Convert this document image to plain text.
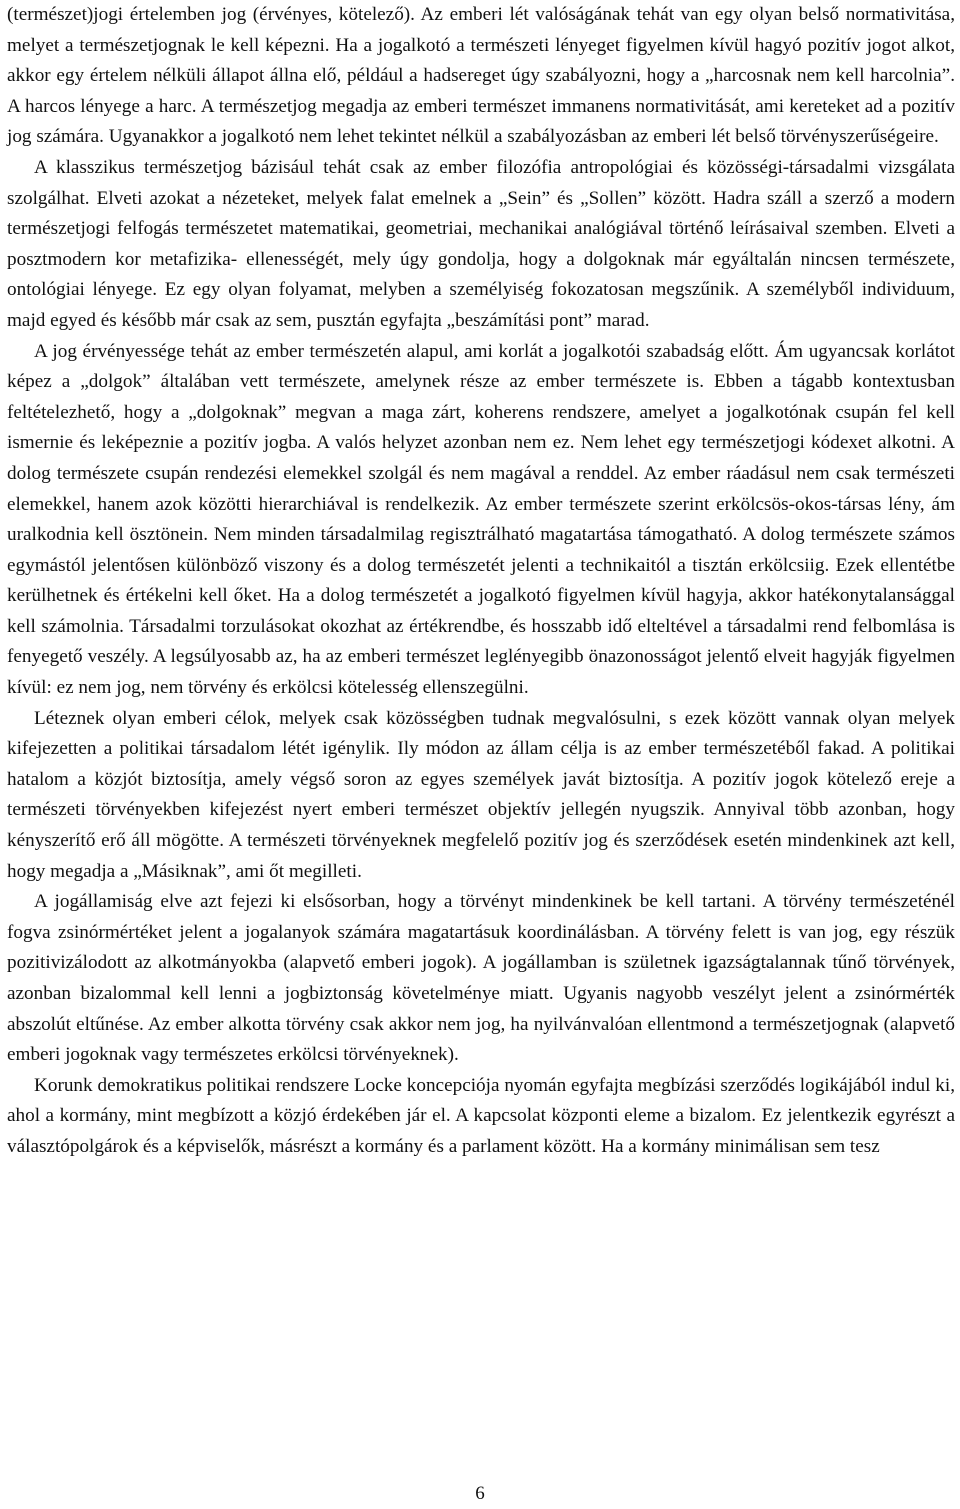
(természet)jogi értelemben jog (érvényes, kötelező). Az emberi lét valóságának tehát van egy olyan belső normativitása, melyet a természetjognak le kell képezni. Ha a jogalkotó a természeti lényeget figyelmen kívül hagyó pozitív jogot alkot, akkor egy értelem nélküli állapot állna elő, például a hadsereget úgy szabályozni, hogy a „harcosnak nem kell harcolnia”. A harcos lényege a harc. A természetjog megadja az emberi természet immanens normativitását, ami kereteket ad a pozitív jog számára. Ugyanakkor a jogalkotó nem lehet tekintet nélkül a szabályozásban az emberi lét belső törvényszerűségeire.

A klasszikus természetjog bázisául tehát csak az ember filozófia antropológiai és közösségi-társadalmi vizsgálata szolgálhat. Elveti azokat a nézeteket, melyek falat emelnek a „Sein” és „Sollen” között. Hadra száll a szerző a modern természetjogi felfogás természetet matematikai, geometriai, mechanikai analógiával történő leírásaival szemben. Elveti a posztmodern kor metafizika- ellenességét, mely úgy gondolja, hogy a dolgoknak már egyáltalán nincsen természete, ontológiai lényege. Ez egy olyan folyamat, melyben a személyiség fokozatosan megszűnik. A személyből individuum, majd egyed és később már csak az sem, pusztán egyfajta „beszámítási pont” marad.

A jog érvényessége tehát az ember természetén alapul, ami korlát a jogalkotói szabadság előtt. Ám ugyancsak korlátot képez a „dolgok” általában vett természete, amelynek része az ember természete is. Ebben a tágabb kontextusban feltételezhető, hogy a „dolgoknak” megvan a maga zárt, koherens rendszere, amelyet a jogalkotónak csupán fel kell ismernie és leképeznie a pozitív jogba. A valós helyzet azonban nem ez. Nem lehet egy természetjogi kódexet alkotni. A dolog természete csupán rendezési elemekkel szolgál és nem magával a renddel. Az ember ráadásul nem csak természeti elemekkel, hanem azok közötti hierarchiával is rendelkezik. Az ember természete szerint erkölcsös-okos-társas lény, ám uralkodnia kell ösztönein. Nem minden társadalmilag regisztrálható magatartása támogatható. A dolog természete számos egymástól jelentősen különböző viszony és a dolog természetét jelenti a technikaitól a tisztán erkölcsiig. Ezek ellentétbe kerülhetnek és értékelni kell őket. Ha a dolog természetét a jogalkotó figyelmen kívül hagyja, akkor hatékonytalansággal kell számolnia. Társadalmi torzulásokat okozhat az értékrendbe, és hosszabb idő elteltével a társadalmi rend felbomlása is fenyegető veszély. A legsúlyosabb az, ha az emberi természet leglényegibb önazonosságot jelentő elveit hagyják figyelmen kívül: ez nem jog, nem törvény és erkölcsi kötelesség ellenszegülni.

Léteznek olyan emberi célok, melyek csak közösségben tudnak megvalósulni, s ezek között vannak olyan melyek kifejezetten a politikai társadalom létét igénylik. Ily módon az állam célja is az ember természetéből fakad. A politikai hatalom a közjót biztosítja, amely végső soron az egyes személyek javát biztosítja. A pozitív jogok kötelező ereje a természeti törvényekben kifejezést nyert emberi természet objektív jellegén nyugszik. Annyival több azonban, hogy kényszerítő erő áll mögötte. A természeti törvényeknek megfelelő pozitív jog és szerződések esetén mindenkinek azt kell, hogy megadja a „Másiknak”, ami őt megilleti.

A jogállamiság elve azt fejezi ki elsősorban, hogy a törvényt mindenkinek be kell tartani. A törvény természeténél fogva zsinórmértéket jelent a jogalanyok számára magatartásuk koordinálásban. A törvény felett is van jog, egy részük pozitivizálodott az alkotmányokba (alapvető emberi jogok). A jogállamban is születnek igazságtalannak tűnő törvények, azonban bizalommal kell lenni a jogbiztonság követelménye miatt. Ugyanis nagyobb veszélyt jelent a zsinórmérték abszolút eltűnése. Az ember alkotta törvény csak akkor nem jog, ha nyilvánvalóan ellentmond a természetjognak (alapvető emberi jogoknak vagy természetes erkölcsi törvényeknek).

Korunk demokratikus politikai rendszere Locke koncepciója nyomán egyfajta megbízási szerződés logikájából indul ki, ahol a kormány, mint megbízott a közjó érdekében jár el. A kapcsolat központi eleme a bizalom. Ez jelentkezik egyrészt a választópolgárok és a képviselők, másrészt a kormány és a parlament között. Ha a kormány minimálisan sem tesz

6
